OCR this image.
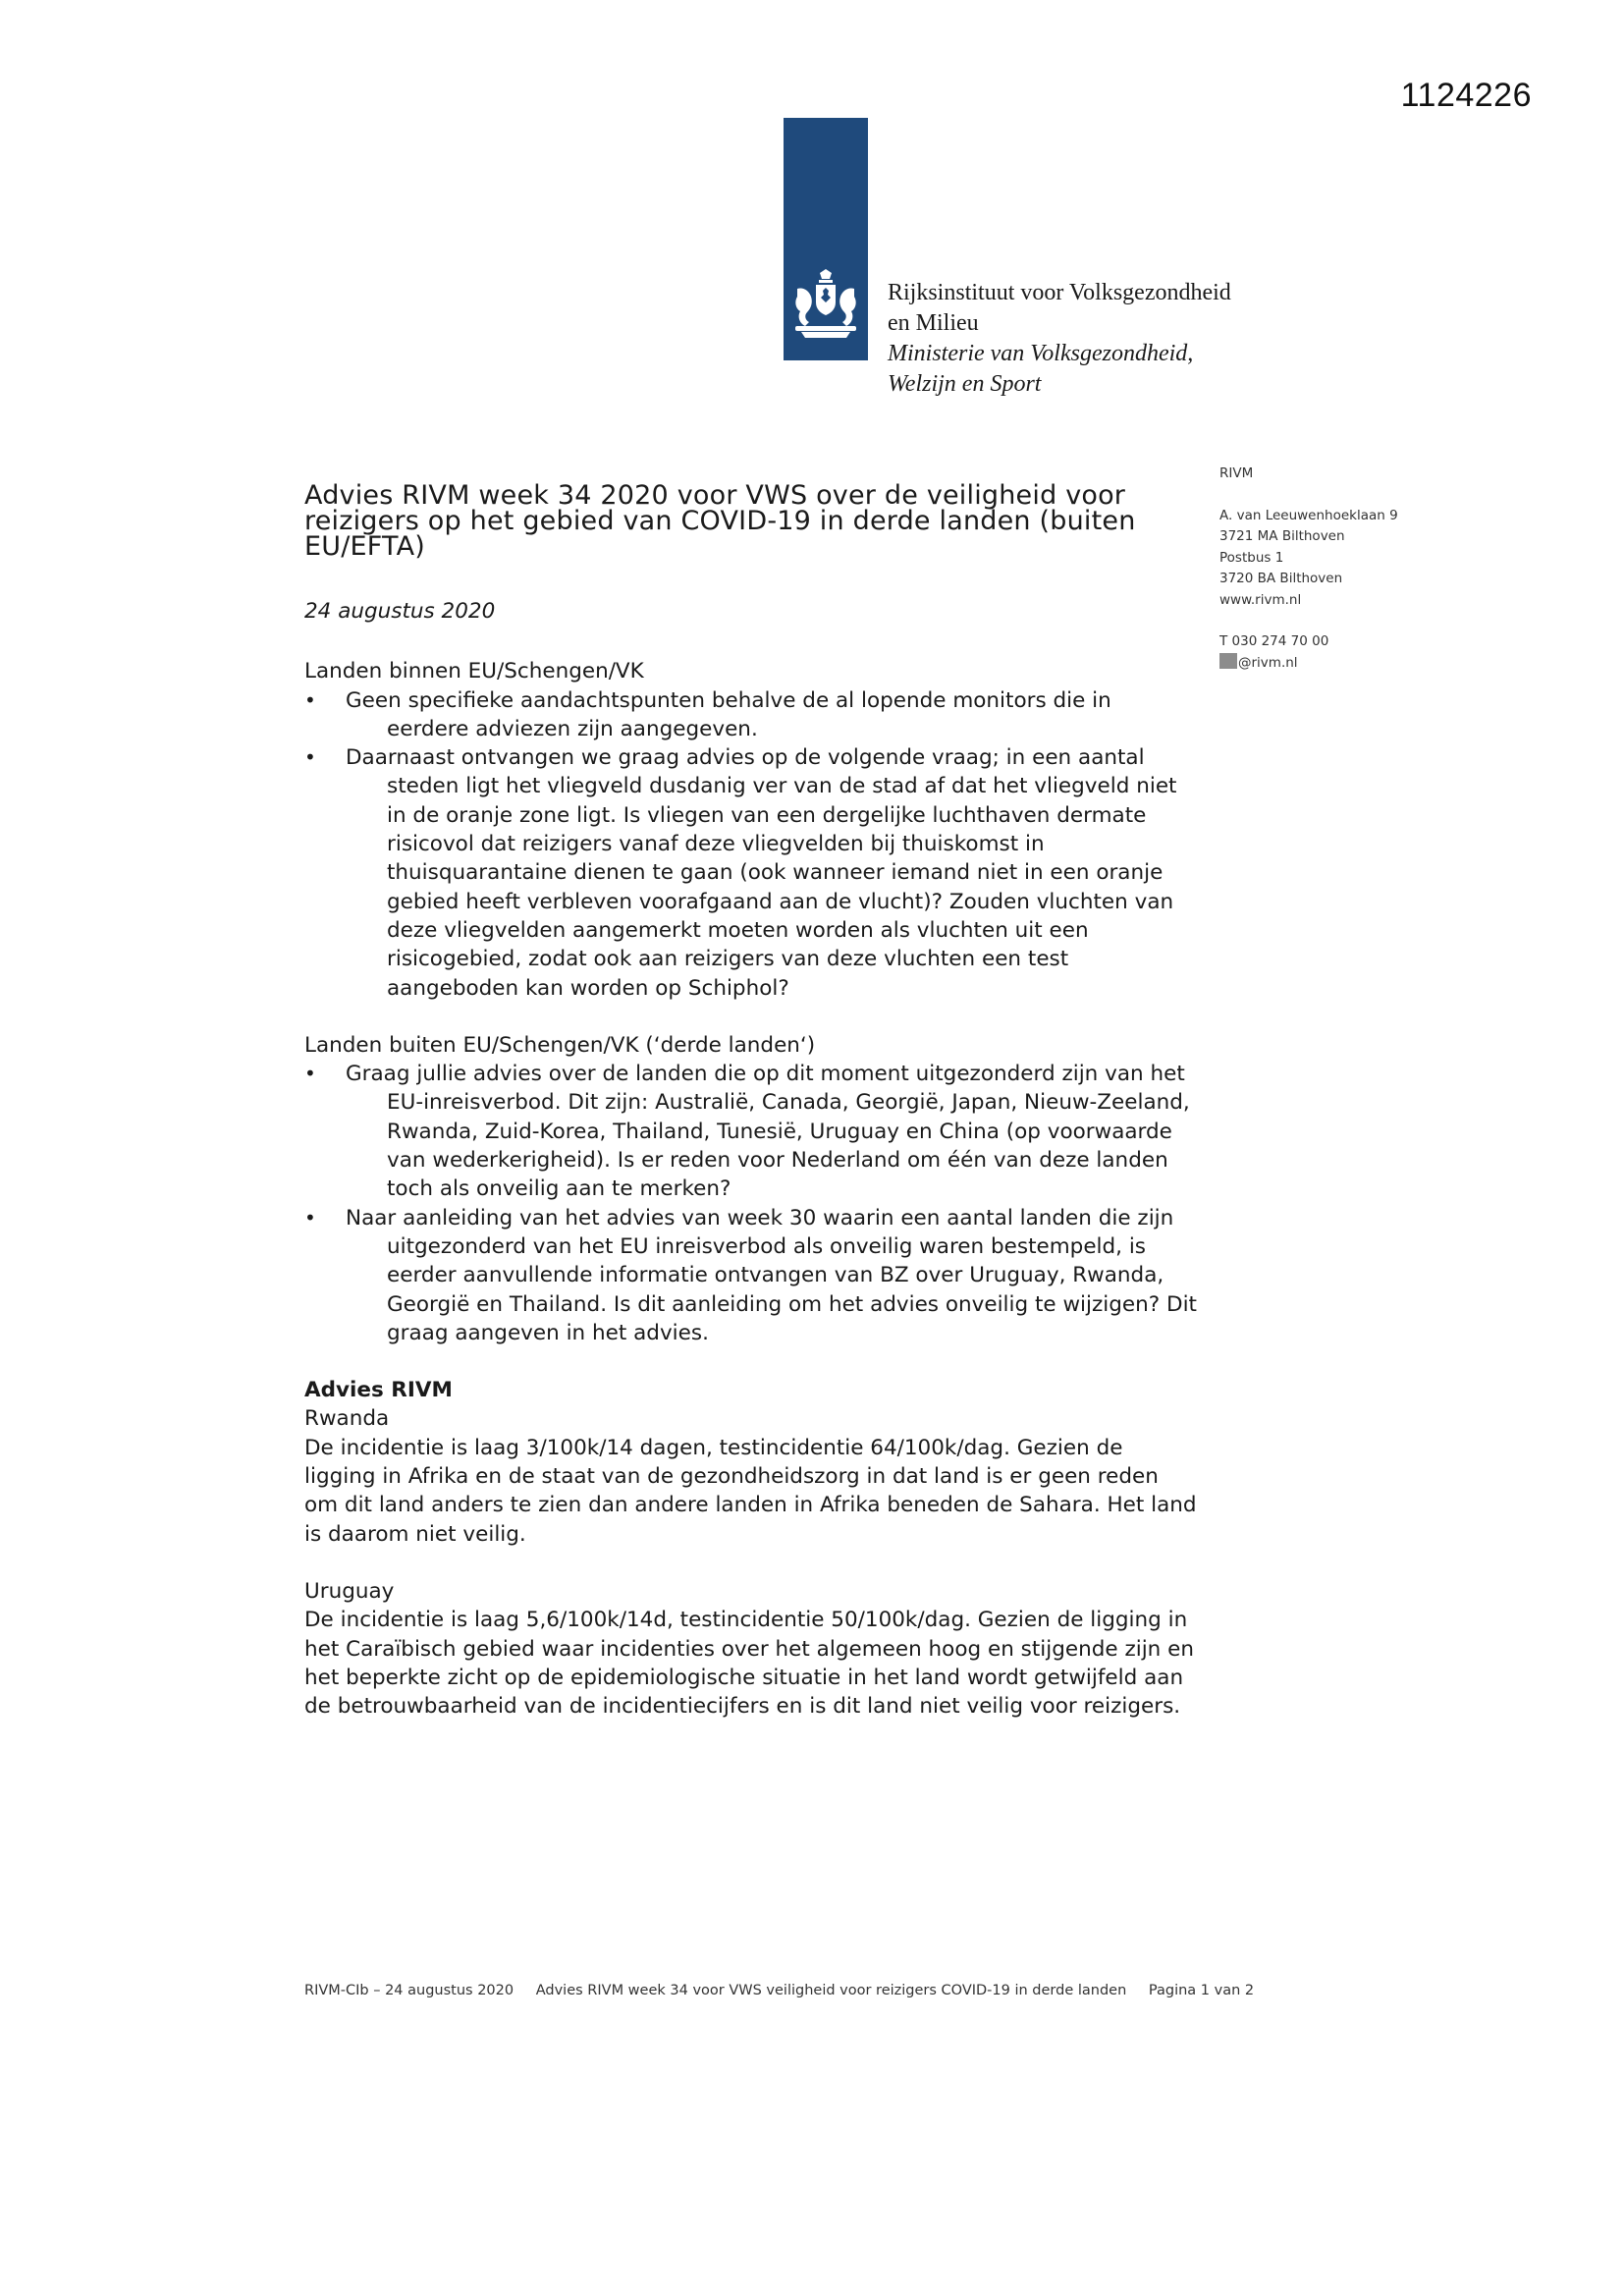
1124226
Rijksinstituut voor Volksgezondheid
en Milieu
Ministerie van Volksgezondheid,
Welzijn en Sport
RIVM
A. van Leeuwenhoeklaan 9
3721 MA Bilthoven
Postbus 1
3720 BA Bilthoven
www.rivm.nl
T 030 274 70 00
@rivm.nl
Advies RIVM week 34 2020 voor VWS over de veiligheid voor
reizigers op het gebied van COVID-19 in derde landen (buiten
EU/EFTA)

24 augustus 2020

Landen binnen EU/Schengen/VK

• Geen specifieke aandachtspunten behalve de al lopende monitors die in eerdere adviezen zijn aangegeven.
• Daarnaast ontvangen we graag advies op de volgende vraag; in een aantal steden ligt het vliegveld dusdanig ver van de stad af dat het vliegveld niet in de oranje zone ligt. Is vliegen van een dergelijke luchthaven dermate risicovol dat reizigers vanaf deze vliegvelden bij thuiskomst in thuisquarantaine dienen te gaan (ook wanneer iemand niet in een oranje gebied heeft verbleven voorafgaand aan de vlucht)? Zouden vluchten van deze vliegvelden aangemerkt moeten worden als vluchten uit een risicogebied, zodat ook aan reizigers van deze vluchten een test aangeboden kan worden op Schiphol?

Landen buiten EU/Schengen/VK (‘derde landen‘)

• Graag jullie advies over de landen die op dit moment uitgezonderd zijn van het EU-inreisverbod. Dit zijn: Australië, Canada, Georgië, Japan, Nieuw-Zeeland, Rwanda, Zuid-Korea, Thailand, Tunesië, Uruguay en China (op voorwaarde van wederkerigheid). Is er reden voor Nederland om één van deze landen toch als onveilig aan te merken?
• Naar aanleiding van het advies van week 30 waarin een aantal landen die zijn uitgezonderd van het EU inreisverbod als onveilig waren bestempeld, is eerder aanvullende informatie ontvangen van BZ over Uruguay, Rwanda, Georgië en Thailand. Is dit aanleiding om het advies onveilig te wijzigen? Dit graag aangeven in het advies.

Advies RIVM

Rwanda

De incidentie is laag 3/100k/14 dagen, testincidentie 64/100k/dag. Gezien de ligging in Afrika en de staat van de gezondheidszorg in dat land is er geen reden om dit land anders te zien dan andere landen in Afrika beneden de Sahara. Het land is daarom niet veilig.

Uruguay

De incidentie is laag 5,6/100k/14d, testincidentie 50/100k/dag. Gezien de ligging in het Caraïbisch gebied waar incidenties over het algemeen hoog en stijgende zijn en het beperkte zicht op de epidemiologische situatie in het land wordt getwijfeld aan de betrouwbaarheid van de incidentiecijfers en is dit land niet veilig voor reizigers.

RIVM-CIb – 24 augustus 2020 Advies RIVM week 34 voor VWS veiligheid voor reizigers COVID-19 in derde landen Pagina 1 van 2
